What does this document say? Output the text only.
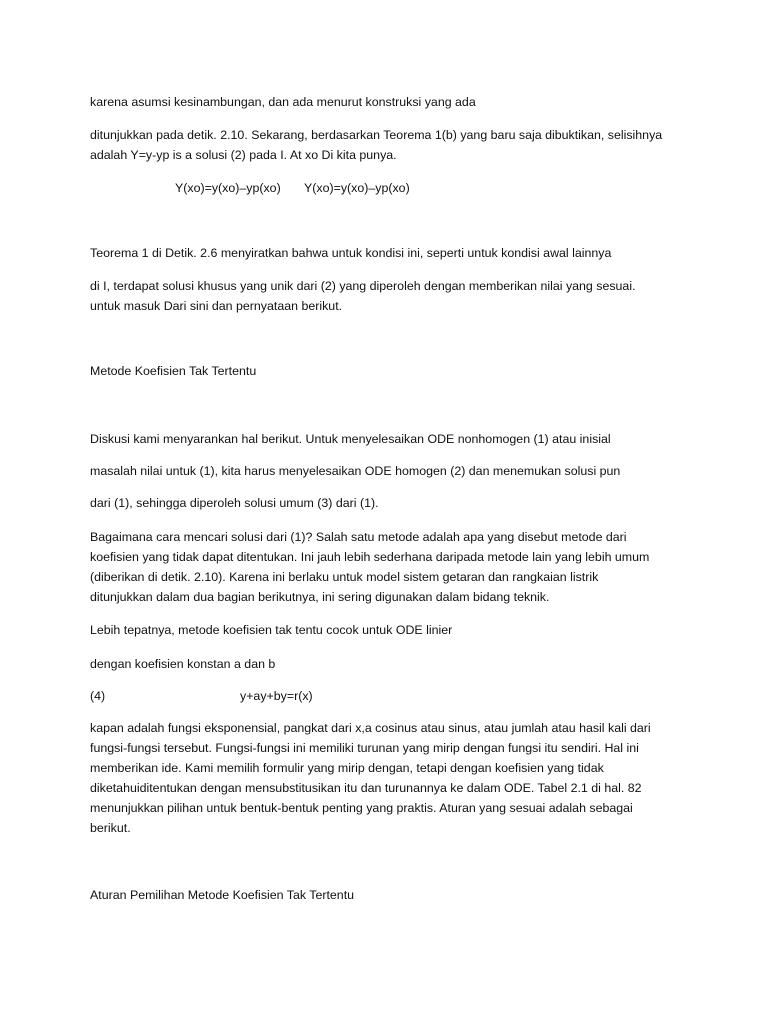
karena asumsi kesinambungan, dan ada menurut konstruksi yang ada

ditunjukkan pada detik. 2.10. Sekarang, berdasarkan Teorema 1(b) yang baru saja dibuktikan, selisihnya

adalah Y=y-yp is a solusi (2) pada I. At xo Di kita punya.

Y(xo)=y(xo)–yp(xo) Y(xo)=y(xo)–yp(xo)
Teorema 1 di Detik. 2.6 menyiratkan bahwa untuk kondisi ini, seperti untuk kondisi awal lainnya

di I, terdapat solusi khusus yang unik dari (2) yang diperoleh dengan memberikan nilai yang sesuai.

untuk masuk Dari sini dan pernyataan berikut.

Metode Koefisien Tak Tertentu
Diskusi kami menyarankan hal berikut. Untuk menyelesaikan ODE nonhomogen (1) atau inisial
masalah nilai untuk (1), kita harus menyelesaikan ODE homogen (2) dan menemukan solusi pun
dari (1), sehingga diperoleh solusi umum (3) dari (1).

Bagaimana cara mencari solusi dari (1)? Salah satu metode adalah apa yang disebut metode dari

koefisien yang tidak dapat ditentukan. Ini jauh lebih sederhana daripada metode lain yang lebih umum

(diberikan di detik. 2.10). Karena ini berlaku untuk model sistem getaran dan rangkaian listrik

ditunjukkan dalam dua bagian berikutnya, ini sering digunakan dalam bidang teknik.

Lebih tepatnya, metode koefisien tak tentu cocok untuk ODE linier
dengan koefisien konstan a dan b
(4)	y+ay+by=r(x)

kapan adalah fungsi eksponensial, pangkat dari x,a cosinus atau sinus, atau jumlah atau hasil kali dari

fungsi-fungsi tersebut. Fungsi-fungsi ini memiliki turunan yang mirip dengan fungsi itu sendiri. Hal ini

memberikan ide. Kami memilih formulir yang mirip dengan, tetapi dengan koefisien yang tidak

diketahuiditentukan dengan mensubstitusikan itu dan turunannya ke dalam ODE. Tabel 2.1 di hal. 82

menunjukkan pilihan untuk bentuk-bentuk penting yang praktis. Aturan yang sesuai adalah sebagai

berikut.

Aturan Pemilihan Metode Koefisien Tak Tertentu
